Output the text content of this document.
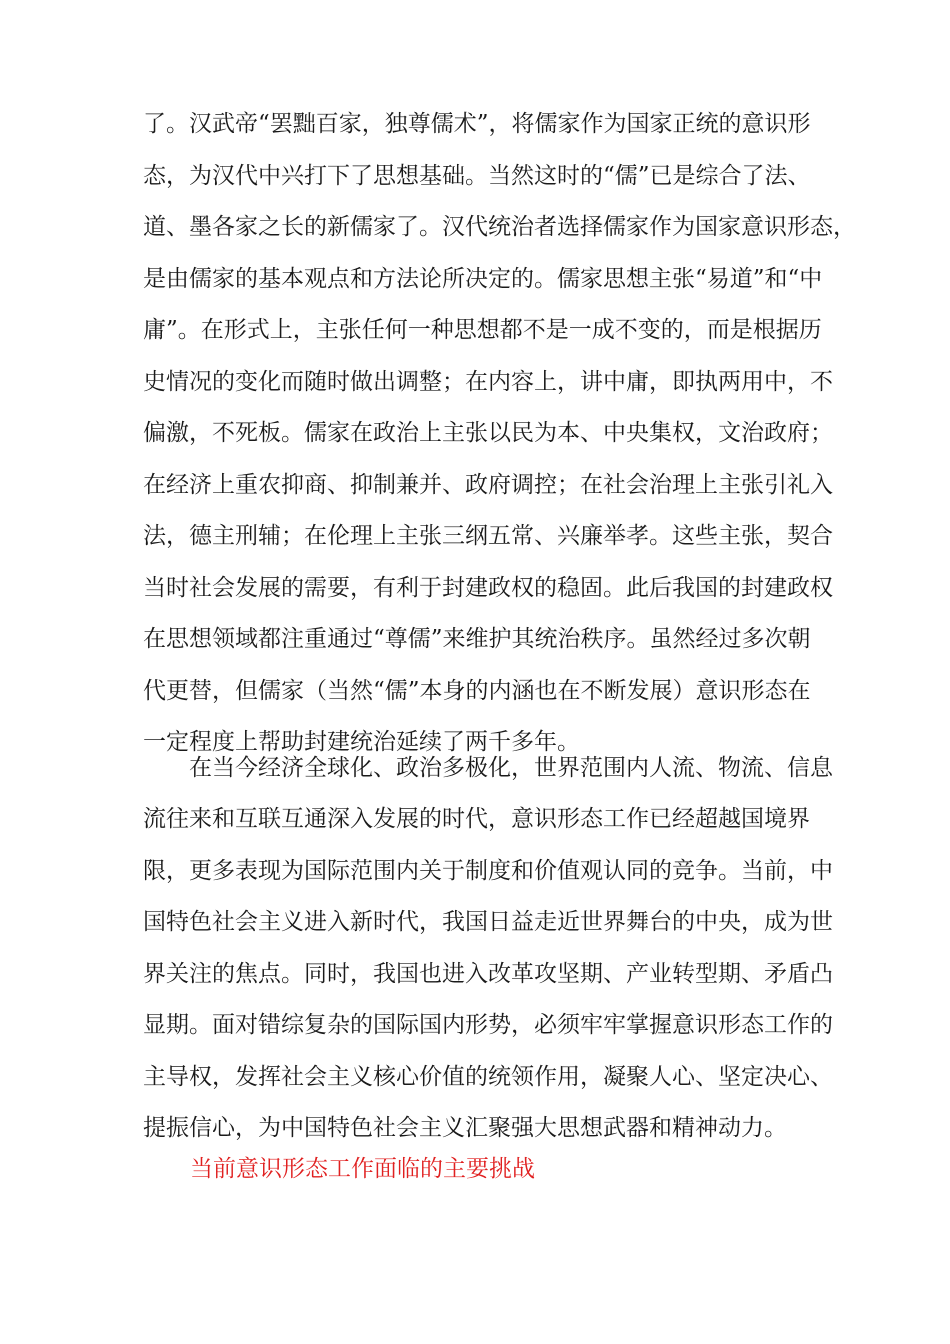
了。汉武帝“罢黜百家，独尊儒术”，将儒家作为国家正统的意识形
态，为汉代中兴打下了思想基础。当然这时的“儒”已是综合了法、
道、墨各家之长的新儒家了。汉代统治者选择儒家作为国家意识形态，
是由儒家的基本观点和方法论所决定的。儒家思想主张“易道”和“中
庸”。在形式上，主张任何一种思想都不是一成不变的，而是根据历
史情况的变化而随时做出调整；在内容上，讲中庸，即执两用中，不
偏激，不死板。儒家在政治上主张以民为本、中央集权，文治政府；
在经济上重农抑商、抑制兼并、政府调控；在社会治理上主张引礼入
法，德主刑辅；在伦理上主张三纲五常、兴廉举孝。这些主张，契合
当时社会发展的需要，有利于封建政权的稳固。此后我国的封建政权
在思想领域都注重通过“尊儒”来维护其统治秩序。虽然经过多次朝
代更替，但儒家（当然“儒”本身的内涵也在不断发展）意识形态在
一定程度上帮助封建统治延续了两千多年。
在当今经济全球化、政治多极化，世界范围内人流、物流、信息
流往来和互联互通深入发展的时代，意识形态工作已经超越国境界
限，更多表现为国际范围内关于制度和价值观认同的竞争。当前，中
国特色社会主义进入新时代，我国日益走近世界舞台的中央，成为世
界关注的焦点。同时，我国也进入改革攻坚期、产业转型期、矛盾凸
显期。面对错综复杂的国际国内形势，必须牢牢掌握意识形态工作的
主导权，发挥社会主义核心价值的统领作用，凝聚人心、坚定决心、
提振信心，为中国特色社会主义汇聚强大思想武器和精神动力。
当前意识形态工作面临的主要挑战
